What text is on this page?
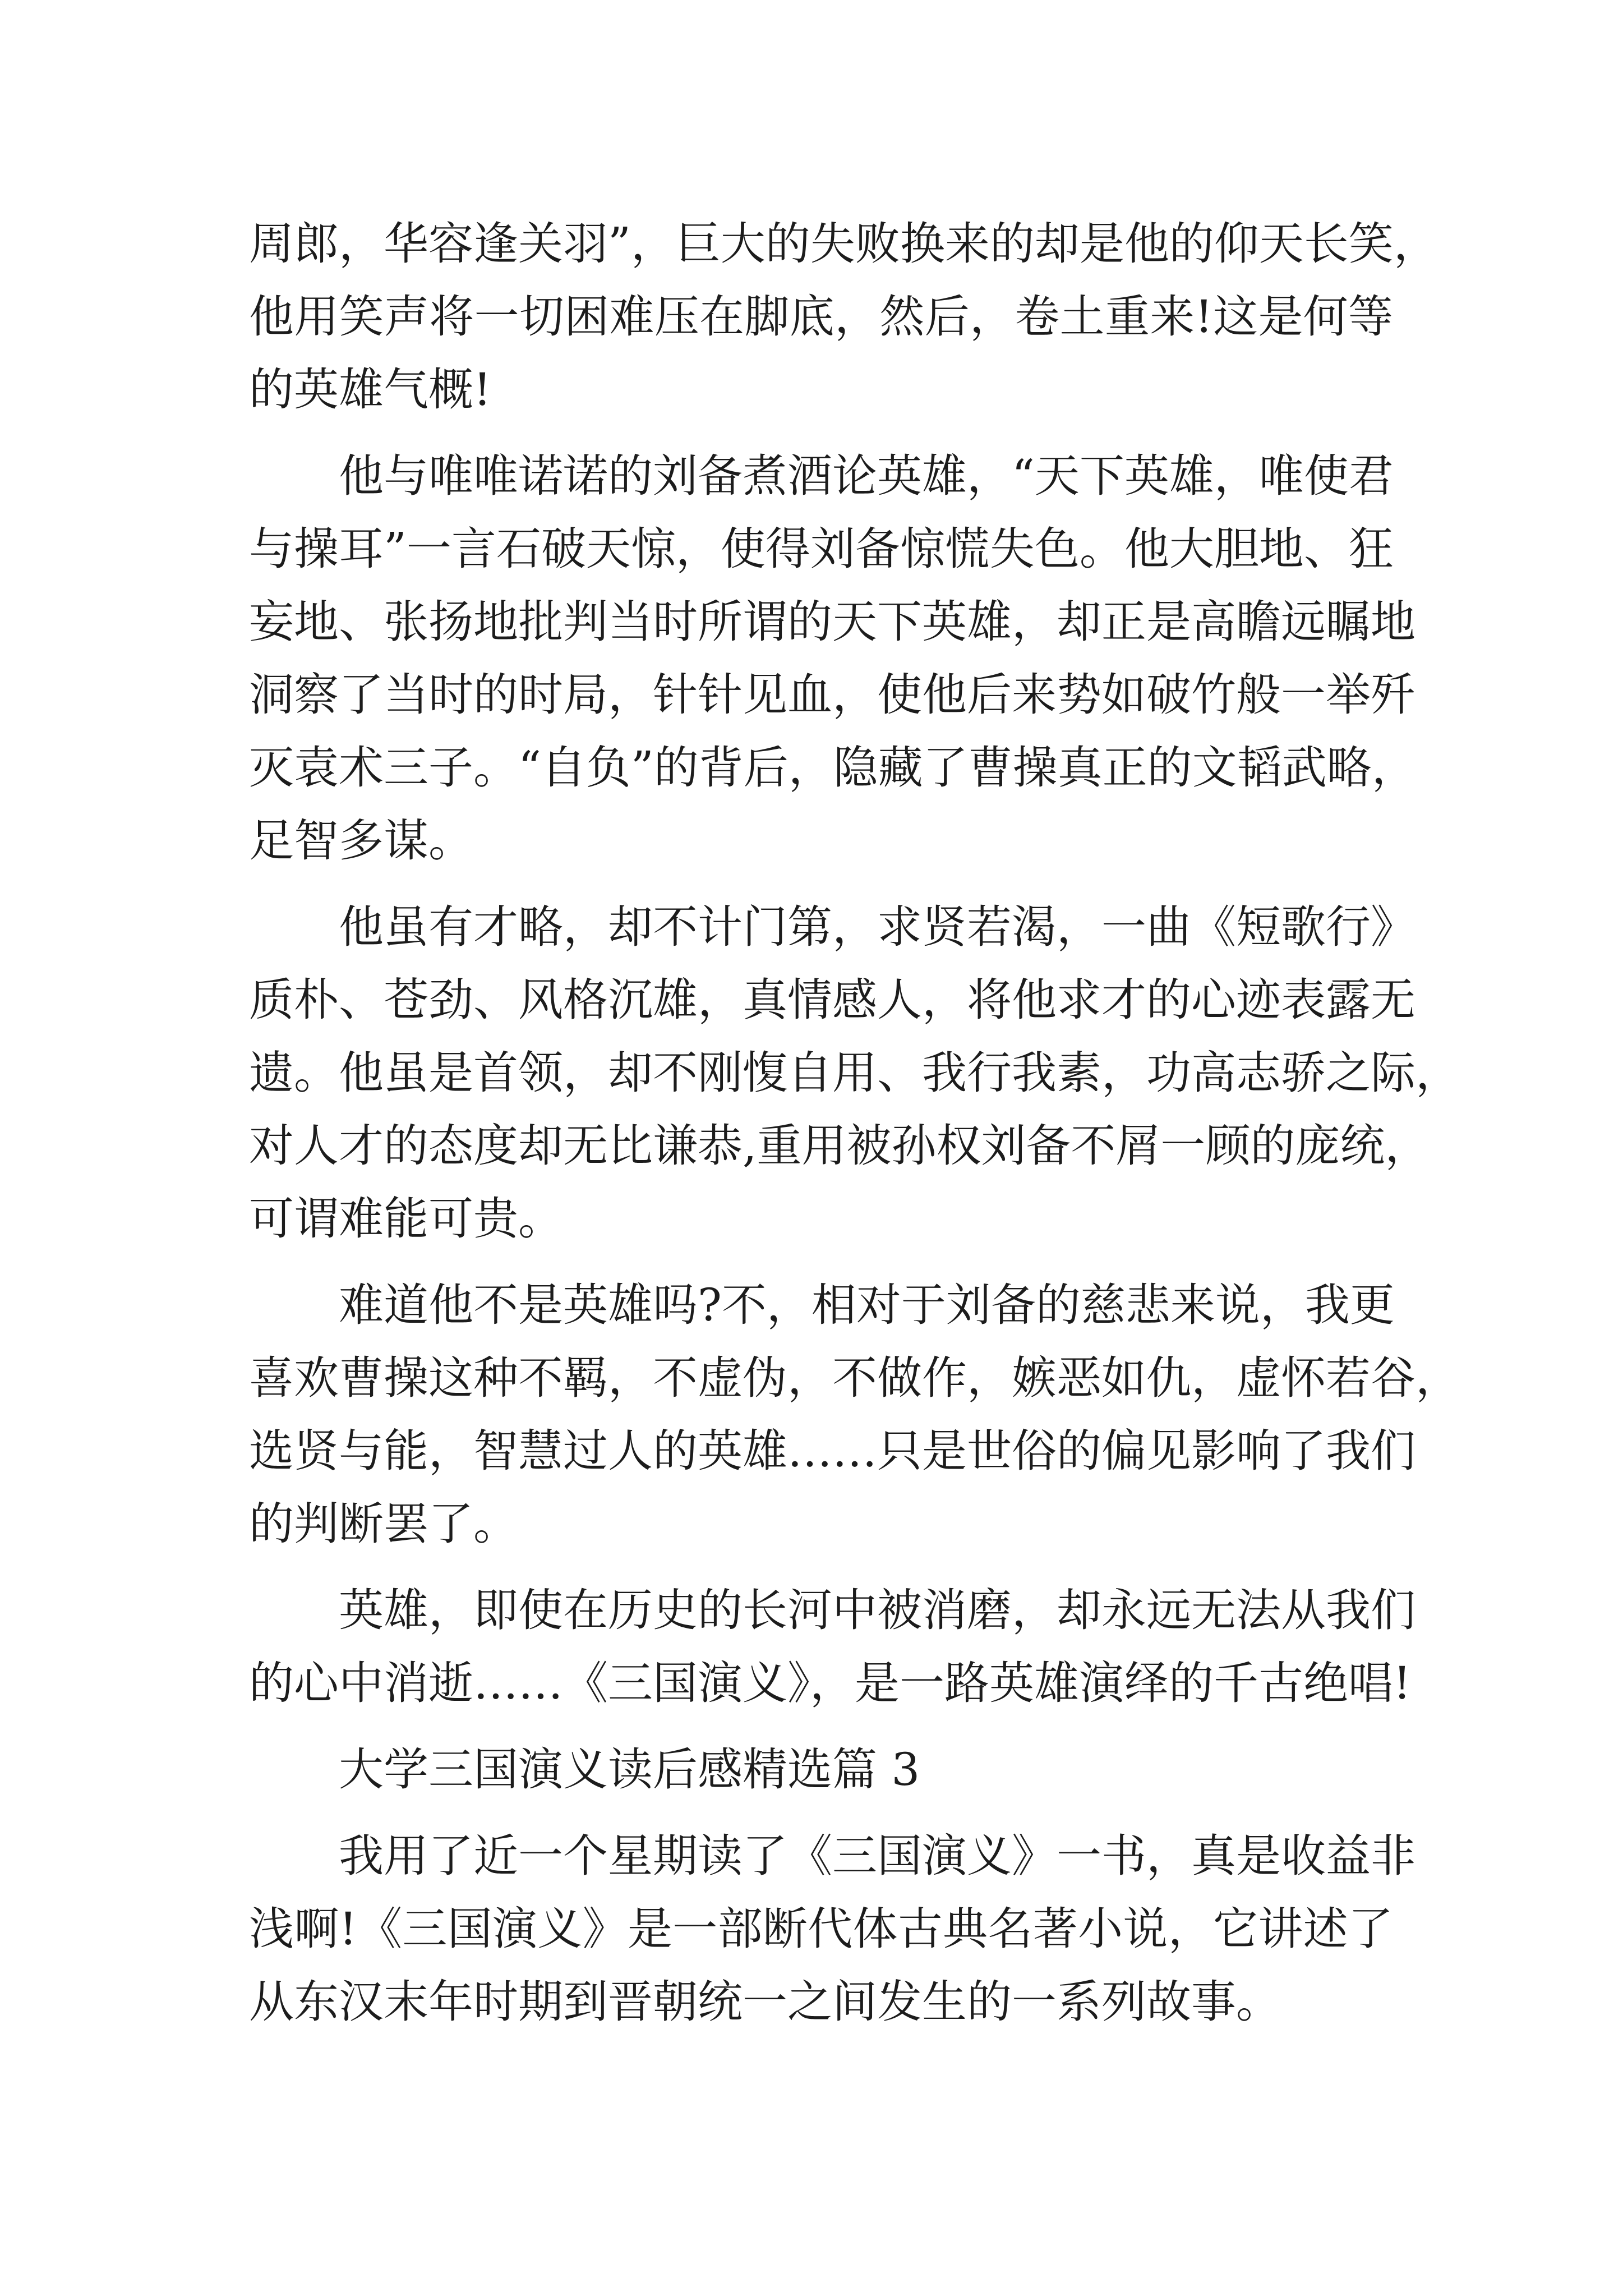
周郎，华容逢关羽”，巨大的失败换来的却是他的仰天长笑，
他用笑声将一切困难压在脚底，然后，卷土重来!这是何等
的英雄气概!
他与唯唯诺诺的刘备煮酒论英雄，“天下英雄，唯使君
与操耳”一言石破天惊，使得刘备惊慌失色。他大胆地、狂
妄地、张扬地批判当时所谓的天下英雄，却正是高瞻远瞩地
洞察了当时的时局，针针见血，使他后来势如破竹般一举歼
灭袁术三子。“自负”的背后，隐藏了曹操真正的文韬武略，
足智多谋。
他虽有才略，却不计门第，求贤若渴，一曲《短歌行》
质朴、苍劲、风格沉雄，真情感人，将他求才的心迹表露无
遗。他虽是首领，却不刚愎自用、我行我素，功高志骄之际，
对人才的态度却无比谦恭,重用被孙权刘备不屑一顾的庞统，
可谓难能可贵。
难道他不是英雄吗?不，相对于刘备的慈悲来说，我更
喜欢曹操这种不羁，不虚伪，不做作，嫉恶如仇，虚怀若谷，
选贤与能，智慧过人的英雄……只是世俗的偏见影响了我们
的判断罢了。
英雄，即使在历史的长河中被消磨，却永远无法从我们
的心中消逝……《三国演义》，是一路英雄演绎的千古绝唱!
大学三国演义读后感精选篇 3
我用了近一个星期读了《三国演义》一书，真是收益非
浅啊!《三国演义》是一部断代体古典名著小说，它讲述了
从东汉末年时期到晋朝统一之间发生的一系列故事。
